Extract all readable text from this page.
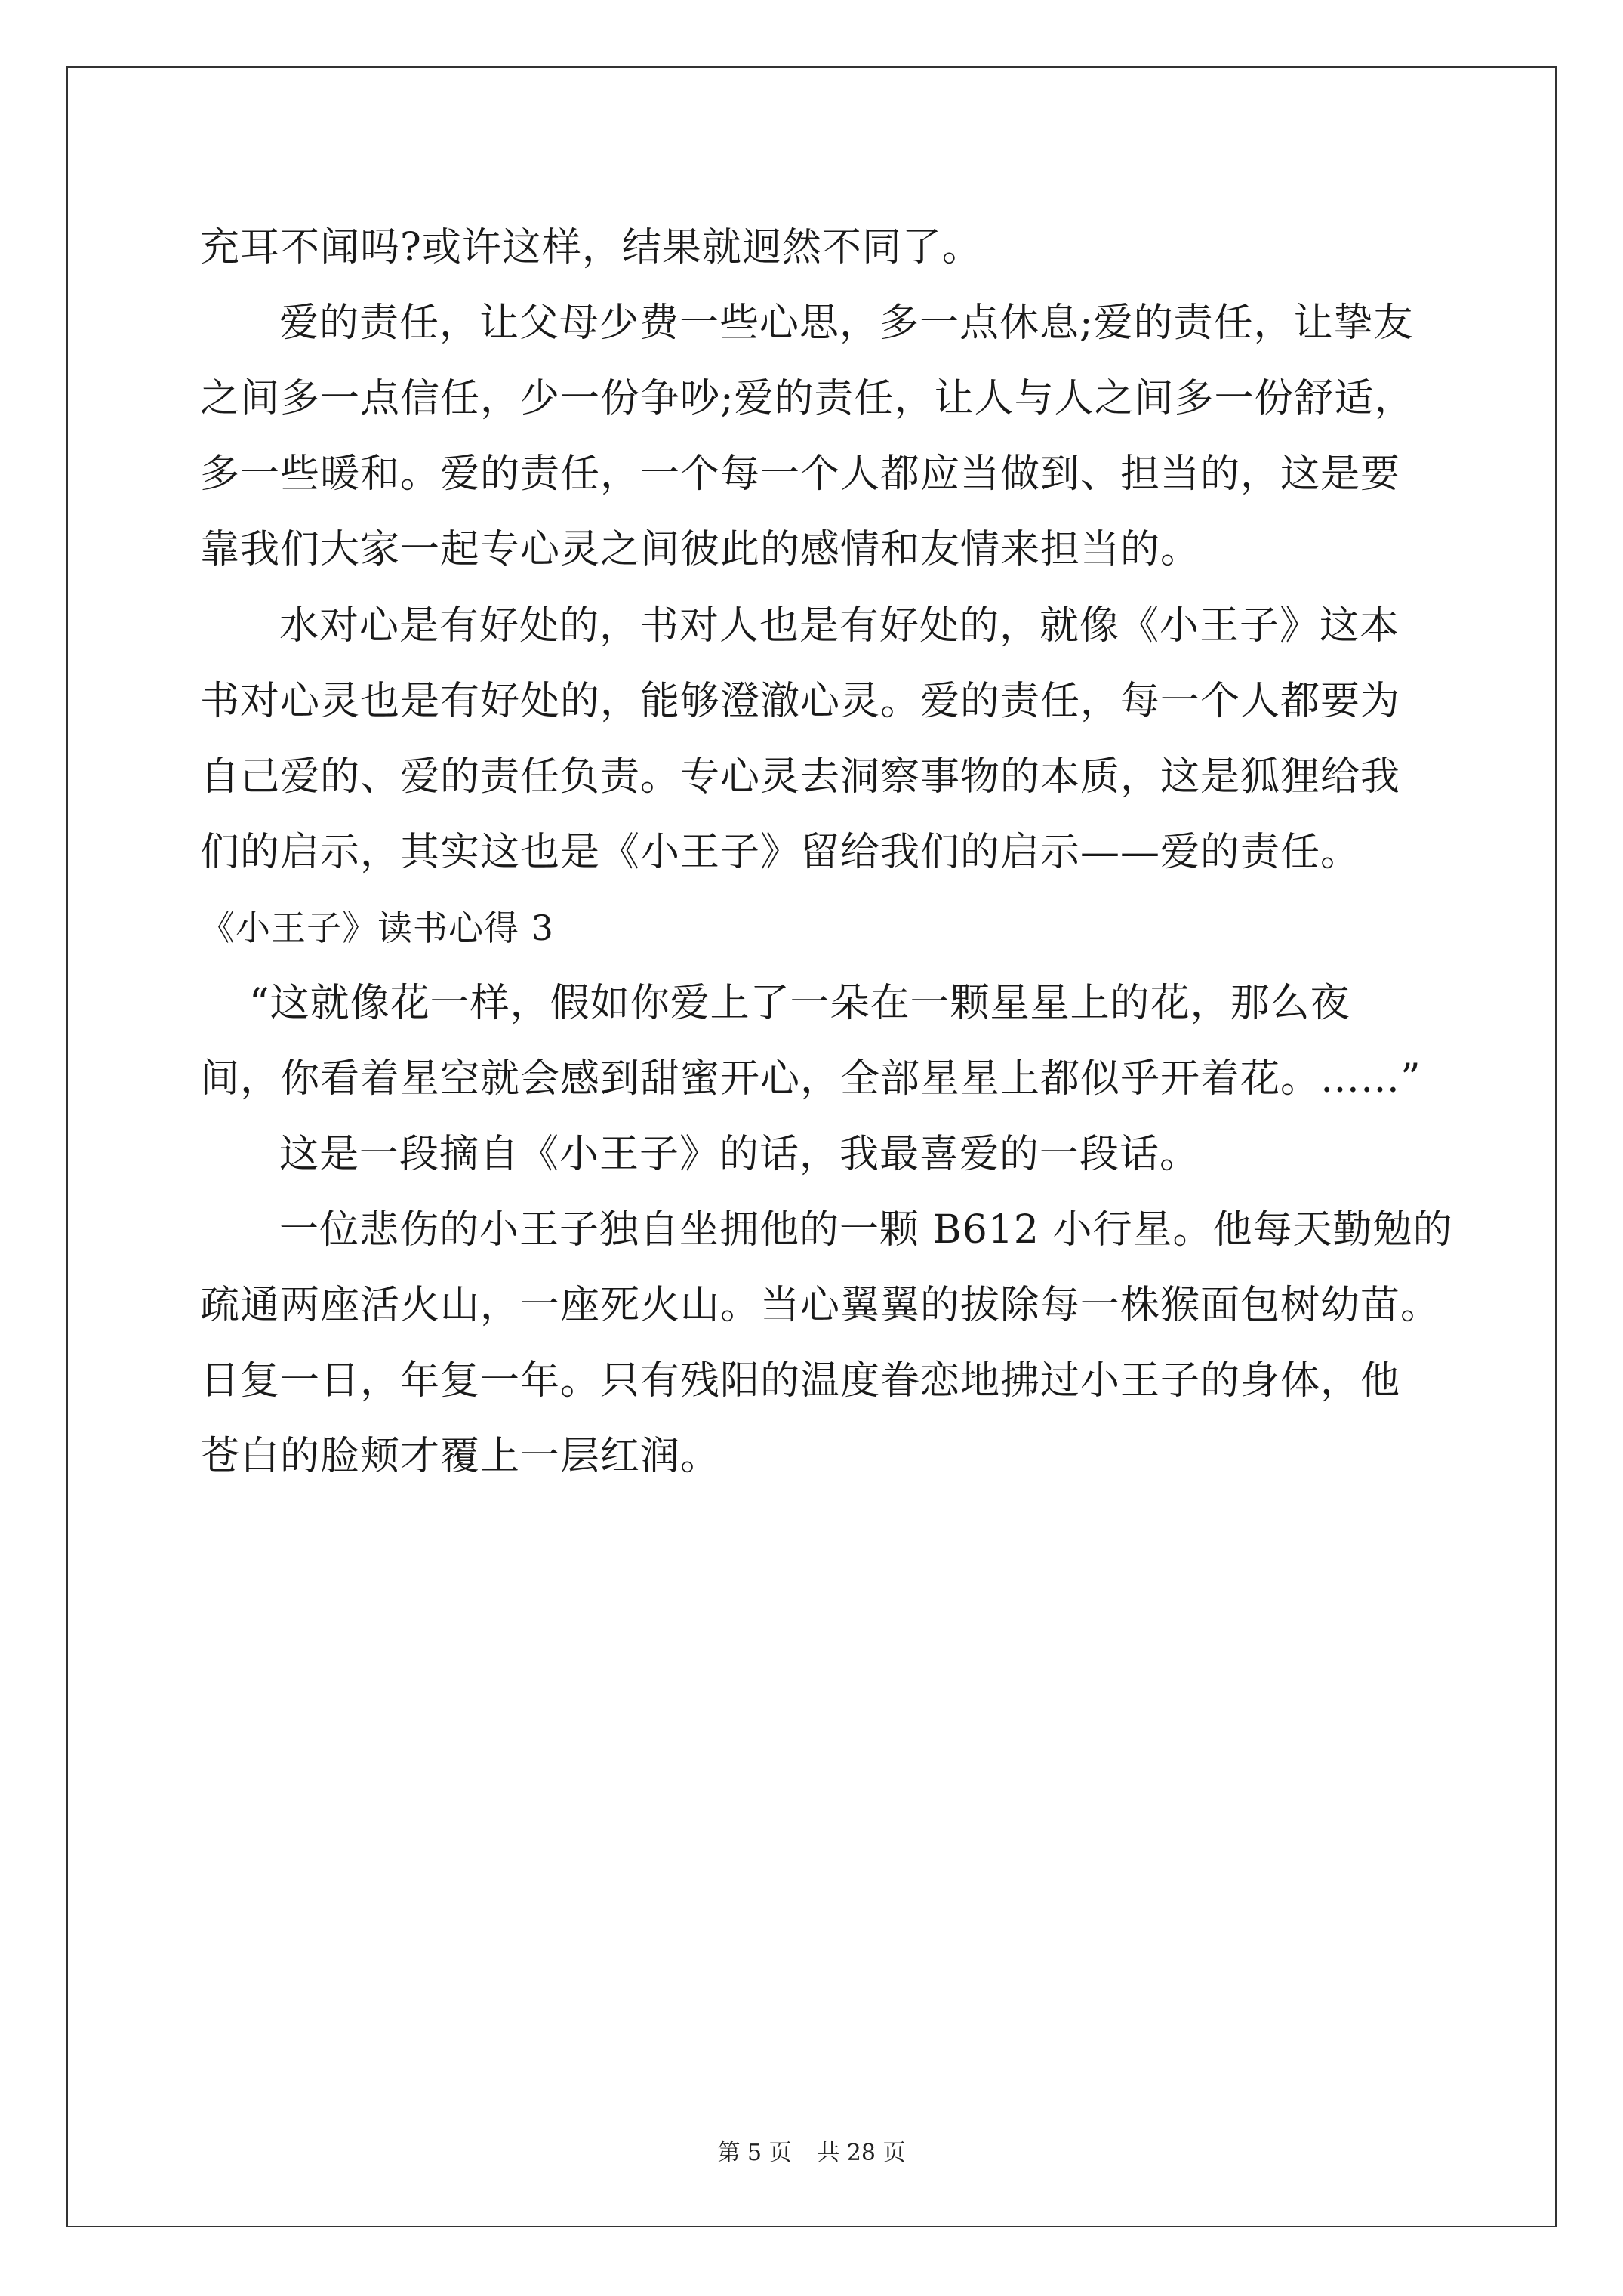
充耳不闻吗?或许这样，结果就迥然不同了。
爱的责任，让父母少费一些心思，多一点休息;爱的责任，让挚友
之间多一点信任，少一份争吵;爱的责任，让人与人之间多一份舒适，
多一些暖和。爱的责任，一个每一个人都应当做到、担当的，这是要
靠我们大家一起专心灵之间彼此的感情和友情来担当的。
水对心是有好处的，书对人也是有好处的，就像《小王子》这本
书对心灵也是有好处的，能够澄澈心灵。爱的责任，每一个人都要为
自己爱的、爱的责任负责。专心灵去洞察事物的本质，这是狐狸给我
们的启示，其实这也是《小王子》留给我们的启示——爱的责任。
《小王子》读书心得 3
“这就像花一样，假如你爱上了一朵在一颗星星上的花，那么夜
间，你看着星空就会感到甜蜜开心，全部星星上都似乎开着花。……”
这是一段摘自《小王子》的话，我最喜爱的一段话。
一位悲伤的小王子独自坐拥他的一颗 B612 小行星。他每天勤勉的
疏通两座活火山，一座死火山。当心翼翼的拔除每一株猴面包树幼苗。
日复一日，年复一年。只有残阳的温度眷恋地拂过小王子的身体，他
苍白的脸颊才覆上一层红润。
第 5 页 共 28 页
